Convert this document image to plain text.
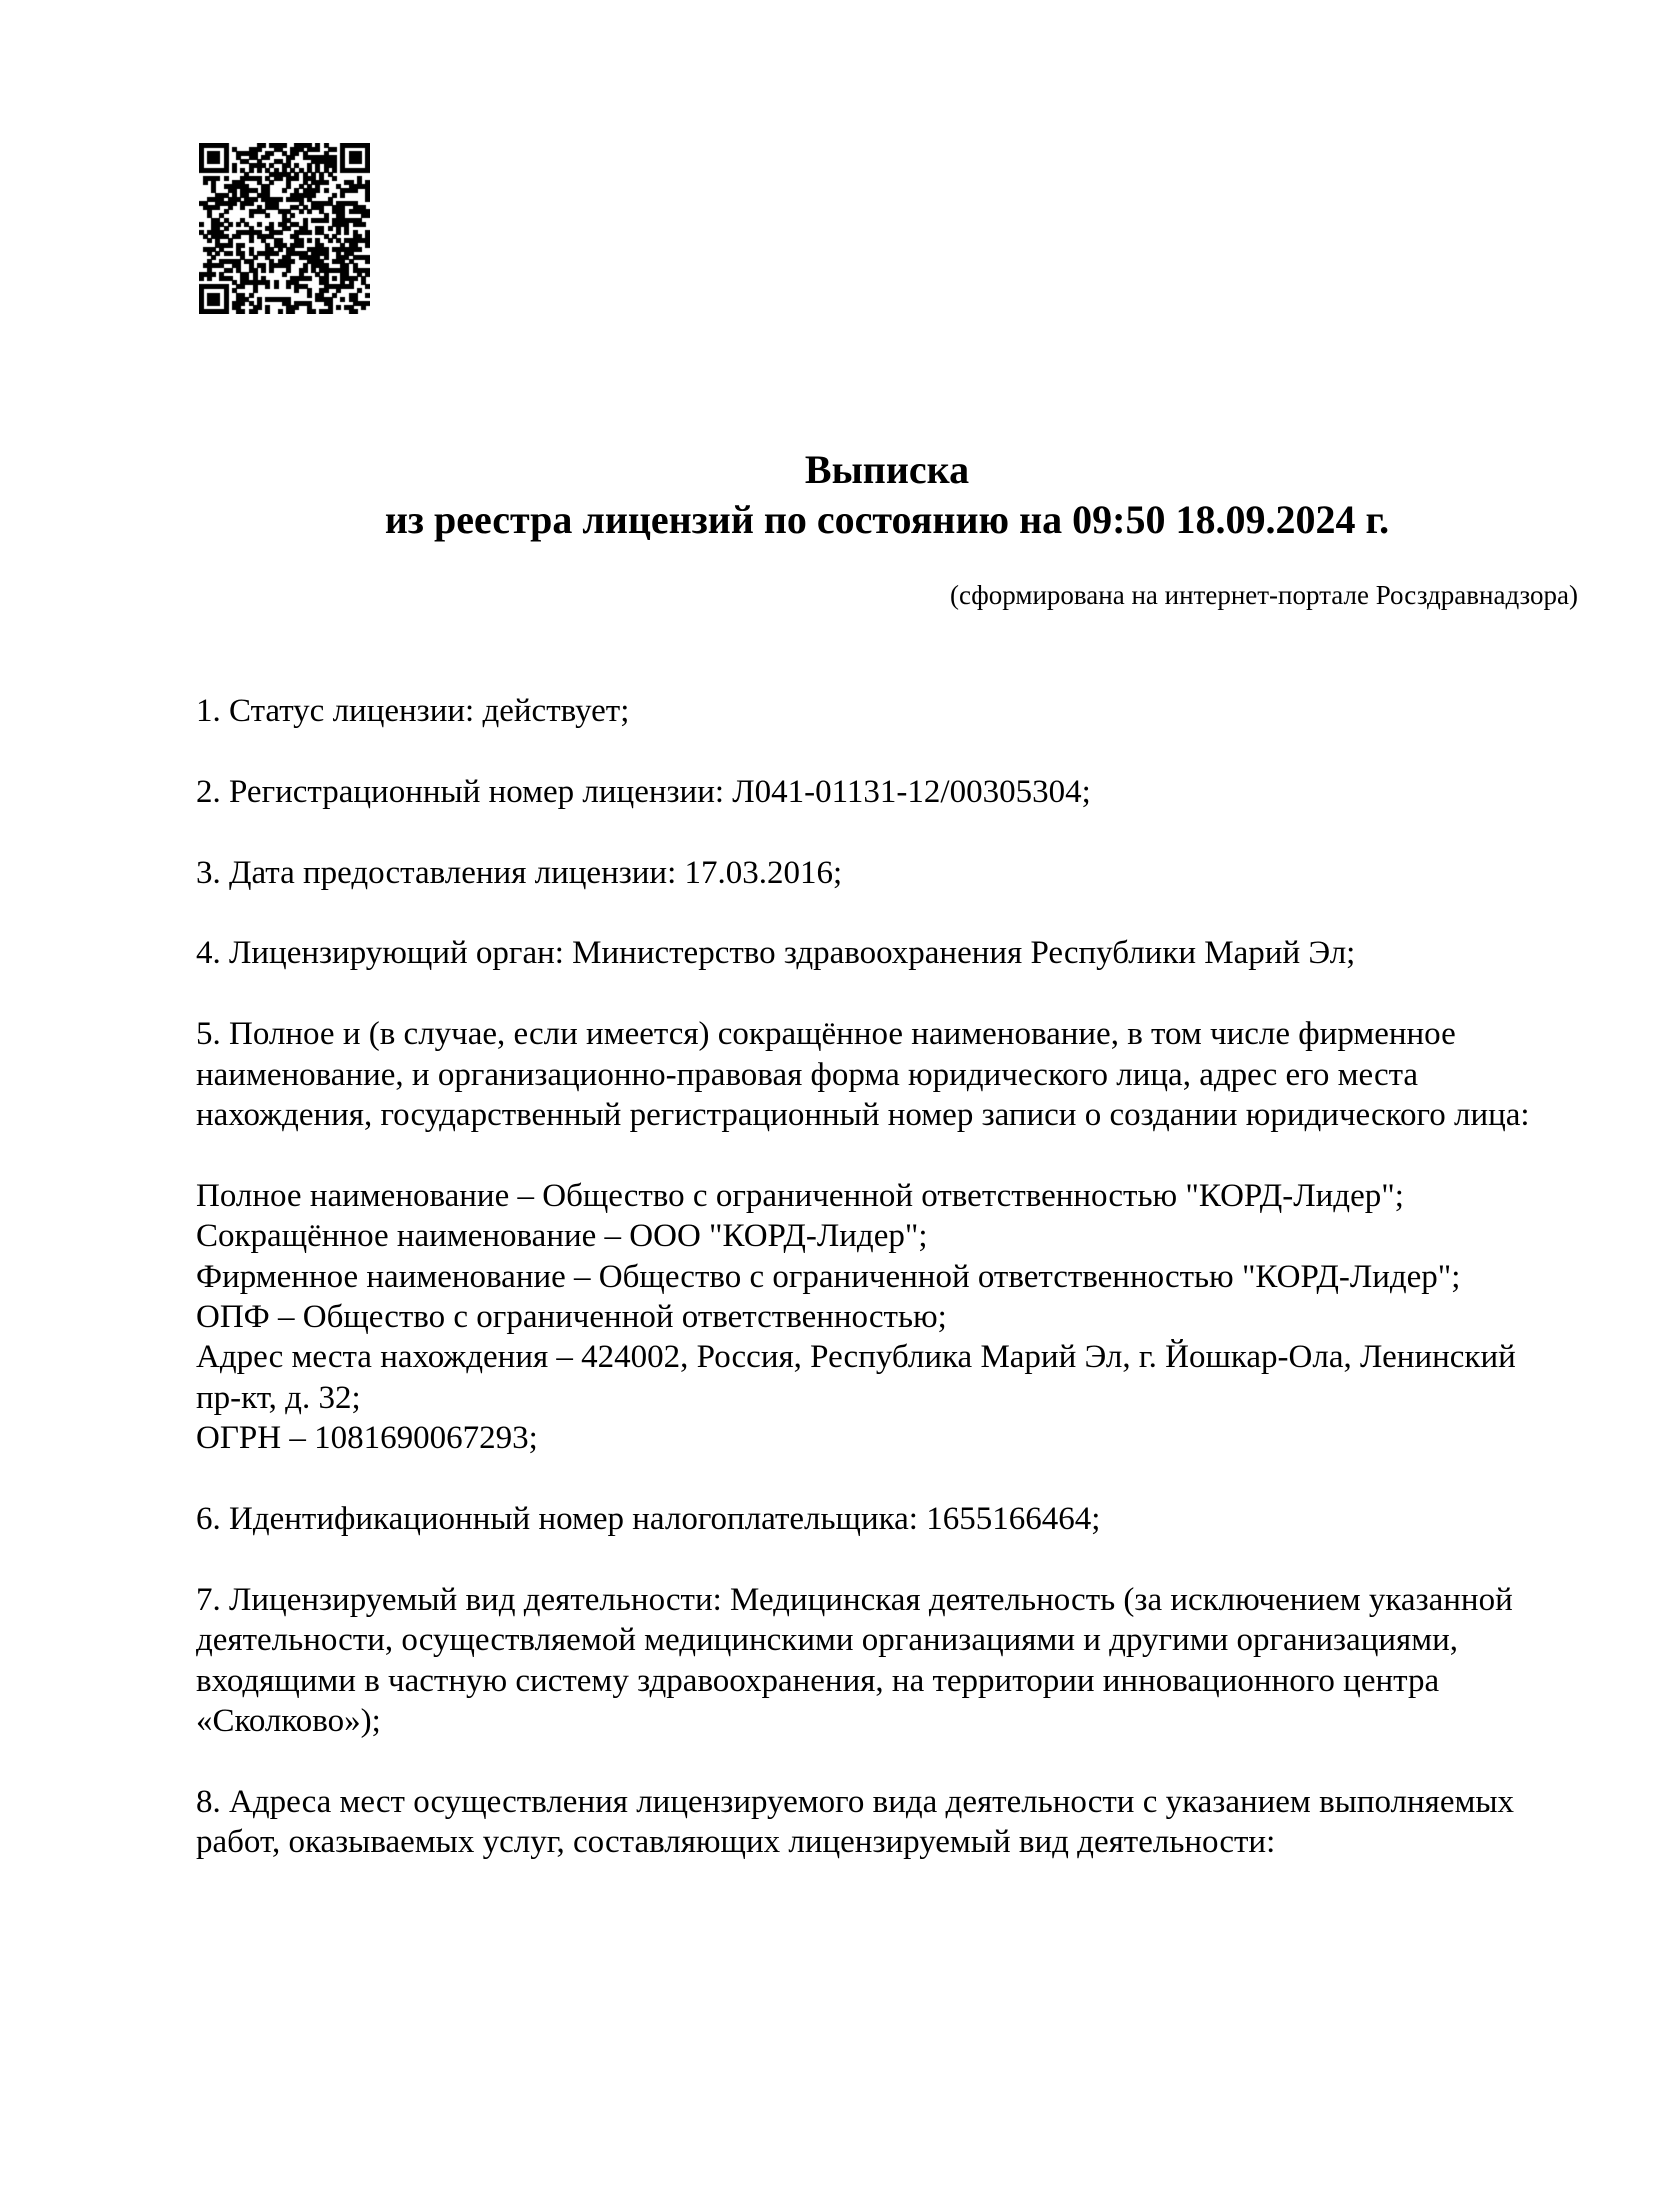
Выписка
из реестра лицензий по состоянию на 09:50 18.09.2024 г.
(сформирована на интернет-портале Росздравнадзора)

1. Статус лицензии: действует;

2. Регистрационный номер лицензии: Л041-01131-12/00305304;

3. Дата предоставления лицензии: 17.03.2016;

4. Лицензирующий орган: Министерство здравоохранения Республики Марий Эл;

5. Полное и (в случае, если имеется) сокращённое наименование, в том числе фирменное
наименование, и организационно-правовая форма юридического лица, адрес его места
нахождения, государственный регистрационный номер записи о создании юридического лица:

Полное наименование – Общество с ограниченной ответственностью "КОРД-Лидер";
Сокращённое наименование – ООО "КОРД-Лидер";
Фирменное наименование – Общество с ограниченной ответственностью "КОРД-Лидер";
ОПФ – Общество с ограниченной ответственностью;
Адрес места нахождения – 424002, Россия, Республика Марий Эл, г. Йошкар-Ола, Ленинский
пр-кт, д. 32;
ОГРН – 1081690067293;

6. Идентификационный номер налогоплательщика: 1655166464;

7. Лицензируемый вид деятельности: Медицинская деятельность (за исключением указанной
деятельности, осуществляемой медицинскими организациями и другими организациями,
входящими в частную систему здравоохранения, на территории инновационного центра
«Сколково»);

8. Адреса мест осуществления лицензируемого вида деятельности с указанием выполняемых
работ, оказываемых услуг, составляющих лицензируемый вид деятельности:
